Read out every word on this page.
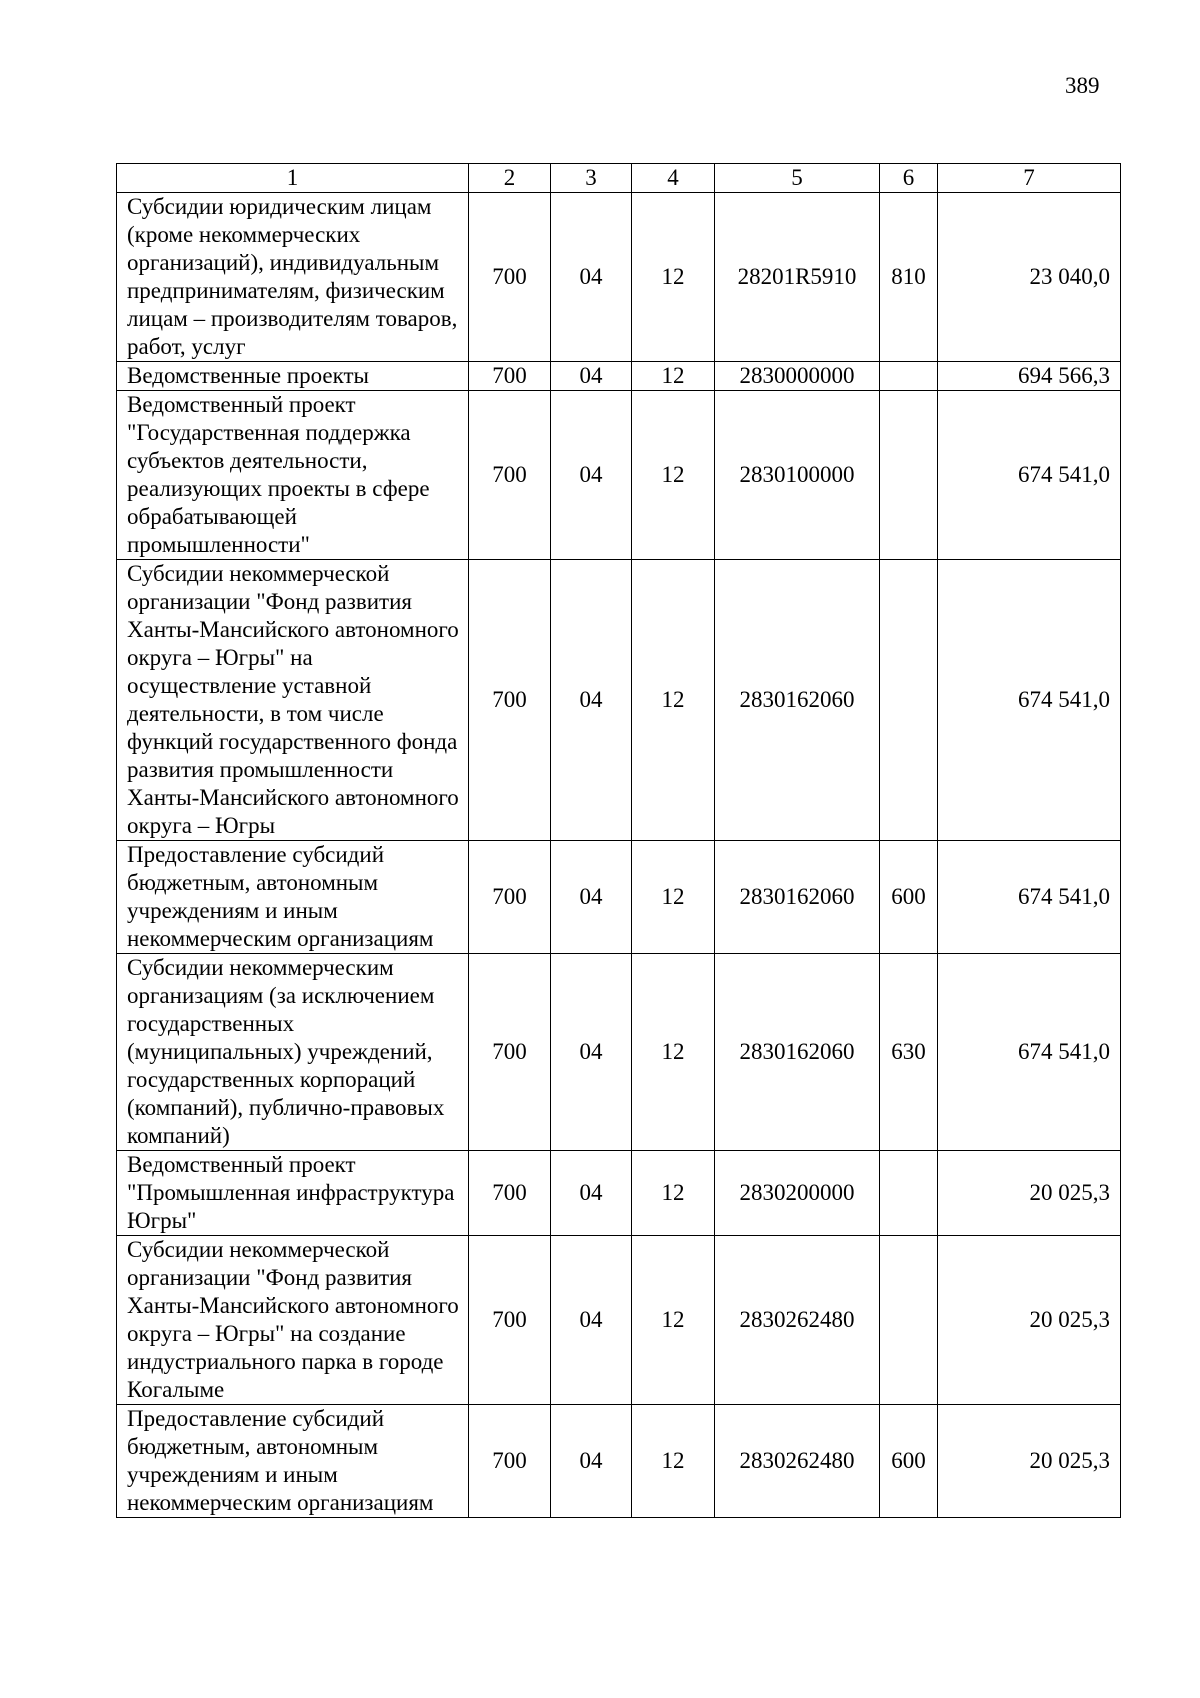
389
1	2	3	4	5	6	7
Субсидии юридическим лицам (кроме некоммерческих организаций), индивидуальным предпринимателям, физическим лицам – производителям товаров, работ, услуг	700	04	12	28201R5910	810	23 040,0
Ведомственные проекты	700	04	12	2830000000		694 566,3
Ведомственный проект "Государственная поддержка субъектов деятельности, реализующих проекты в сфере обрабатывающей промышленности"	700	04	12	2830100000		674 541,0
Субсидии некоммерческой организации "Фонд развития Ханты-Мансийского автономного округа – Югры" на осуществление уставной деятельности, в том числе функций государственного фонда развития промышленности Ханты-Мансийского автономного округа – Югры	700	04	12	2830162060		674 541,0
Предоставление субсидий бюджетным, автономным учреждениям и иным некоммерческим организациям	700	04	12	2830162060	600	674 541,0
Субсидии некоммерческим организациям (за исключением государственных (муниципальных) учреждений, государственных корпораций (компаний), публично-правовых компаний)	700	04	12	2830162060	630	674 541,0
Ведомственный проект "Промышленная инфраструктура Югры"	700	04	12	2830200000		20 025,3
Субсидии некоммерческой организации "Фонд развития Ханты-Мансийского автономного округа – Югры" на создание индустриального парка в городе Когалыме	700	04	12	2830262480		20 025,3
Предоставление субсидий бюджетным, автономным учреждениям и иным некоммерческим организациям	700	04	12	2830262480	600	20 025,3
